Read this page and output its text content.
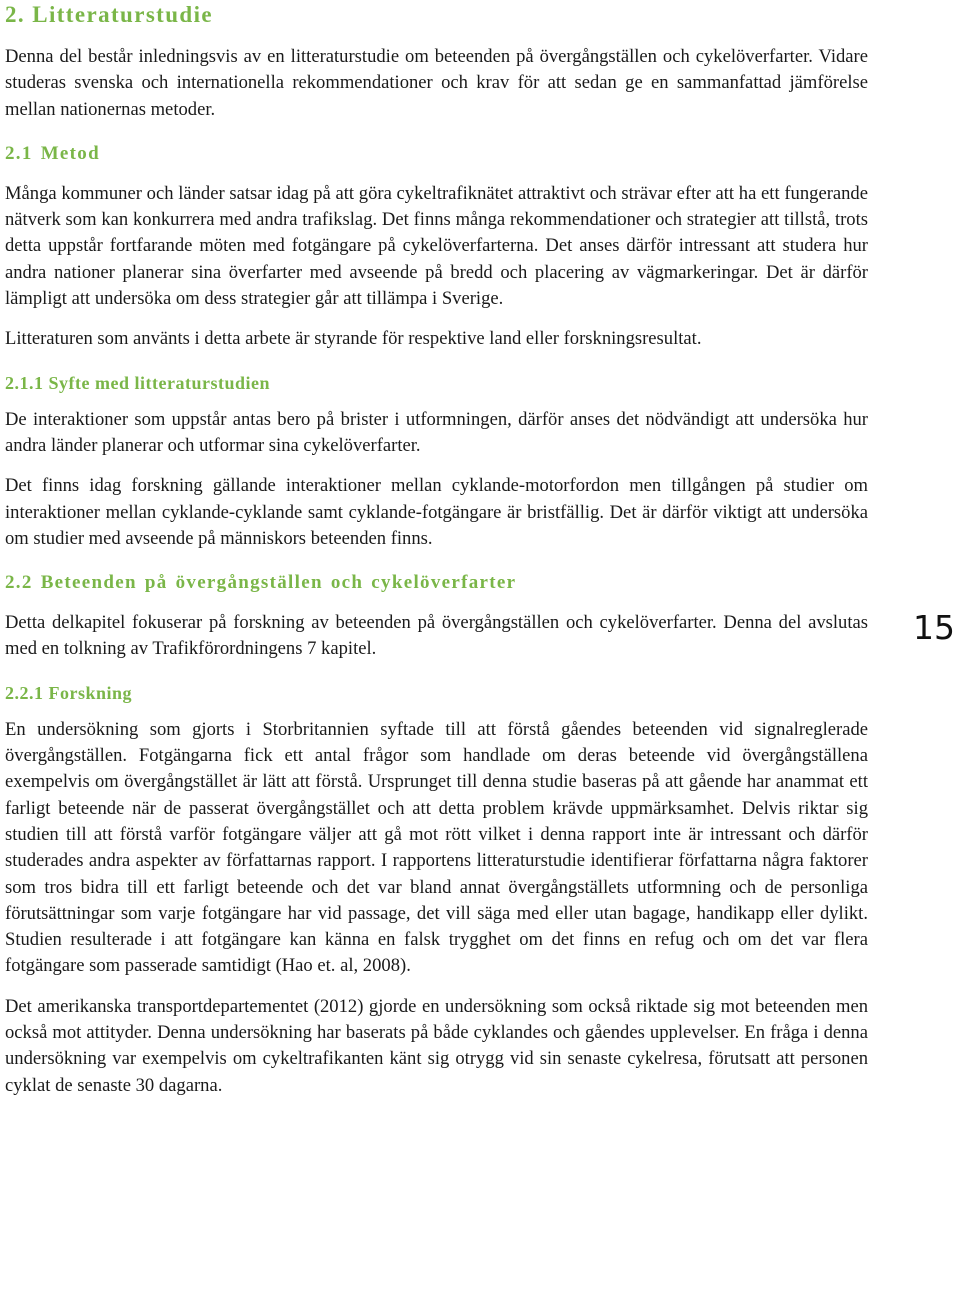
2. Litteraturstudie

Denna del består inledningsvis av en litteraturstudie om beteenden på övergångställen och cykelöverfarter. Vidare studeras svenska och internationella rekommendationer och krav för att sedan ge en sammanfattad jämförelse mellan nationernas metoder.

2.1 Metod

Många kommuner och länder satsar idag på att göra cykeltrafiknätet attraktivt och strävar efter att ha ett fungerande nätverk som kan konkurrera med andra trafikslag. Det finns många rekommendationer och strategier att tillstå, trots detta uppstår fortfarande möten med fotgängare på cykelöverfarterna. Det anses därför intressant att studera hur andra nationer planerar sina överfarter med avseende på bredd och placering av vägmarkeringar. Det är därför lämpligt att undersöka om dess strategier går att tillämpa i Sverige.

Litteraturen som använts i detta arbete är styrande för respektive land eller forskningsresultat.

2.1.1 Syfte med litteraturstudien

De interaktioner som uppstår antas bero på brister i utformningen, därför anses det nödvändigt att undersöka hur andra länder planerar och utformar sina cykelöverfarter.

Det finns idag forskning gällande interaktioner mellan cyklande-motorfordon men tillgången på studier om interaktioner mellan cyklande-cyklande samt cyklande-fotgängare är bristfällig. Det är därför viktigt att undersöka om studier med avseende på människors beteenden finns.

2.2 Beteenden på övergångställen och cykelöverfarter

Detta delkapitel fokuserar på forskning av beteenden på övergångställen och cykelöverfarter. Denna del avslutas med en tolkning av Trafikförordningens 7 kapitel.

2.2.1 Forskning

En undersökning som gjorts i Storbritannien syftade till att förstå gåendes beteenden vid signalreglerade övergångställen. Fotgängarna fick ett antal frågor som handlade om deras beteende vid övergångställena exempelvis om övergångstället är lätt att förstå. Ursprunget till denna studie baseras på att gående har anammat ett farligt beteende när de passerat övergångstället och att detta problem krävde uppmärksamhet. Delvis riktar sig studien till att förstå varför fotgängare väljer att gå mot rött vilket i denna rapport inte är intressant och därför studerades andra aspekter av författarnas rapport. I rapportens litteraturstudie identifierar författarna några faktorer som tros bidra till ett farligt beteende och det var bland annat övergångställets utformning och de personliga förutsättningar som varje fotgängare har vid passage, det vill säga med eller utan bagage, handikapp eller dylikt. Studien resulterade i att fotgängare kan känna en falsk trygghet om det finns en refug och om det var flera fotgängare som passerade samtidigt (Hao et. al, 2008).

Det amerikanska transportdepartementet (2012) gjorde en undersökning som också riktade sig mot beteenden men också mot attityder. Denna undersökning har baserats på både cyklandes och gåendes upplevelser. En fråga i denna undersökning var exempelvis om cykeltrafikanten känt sig otrygg vid sin senaste cykelresa, förutsatt att personen cyklat de senaste 30 dagarna.

15
